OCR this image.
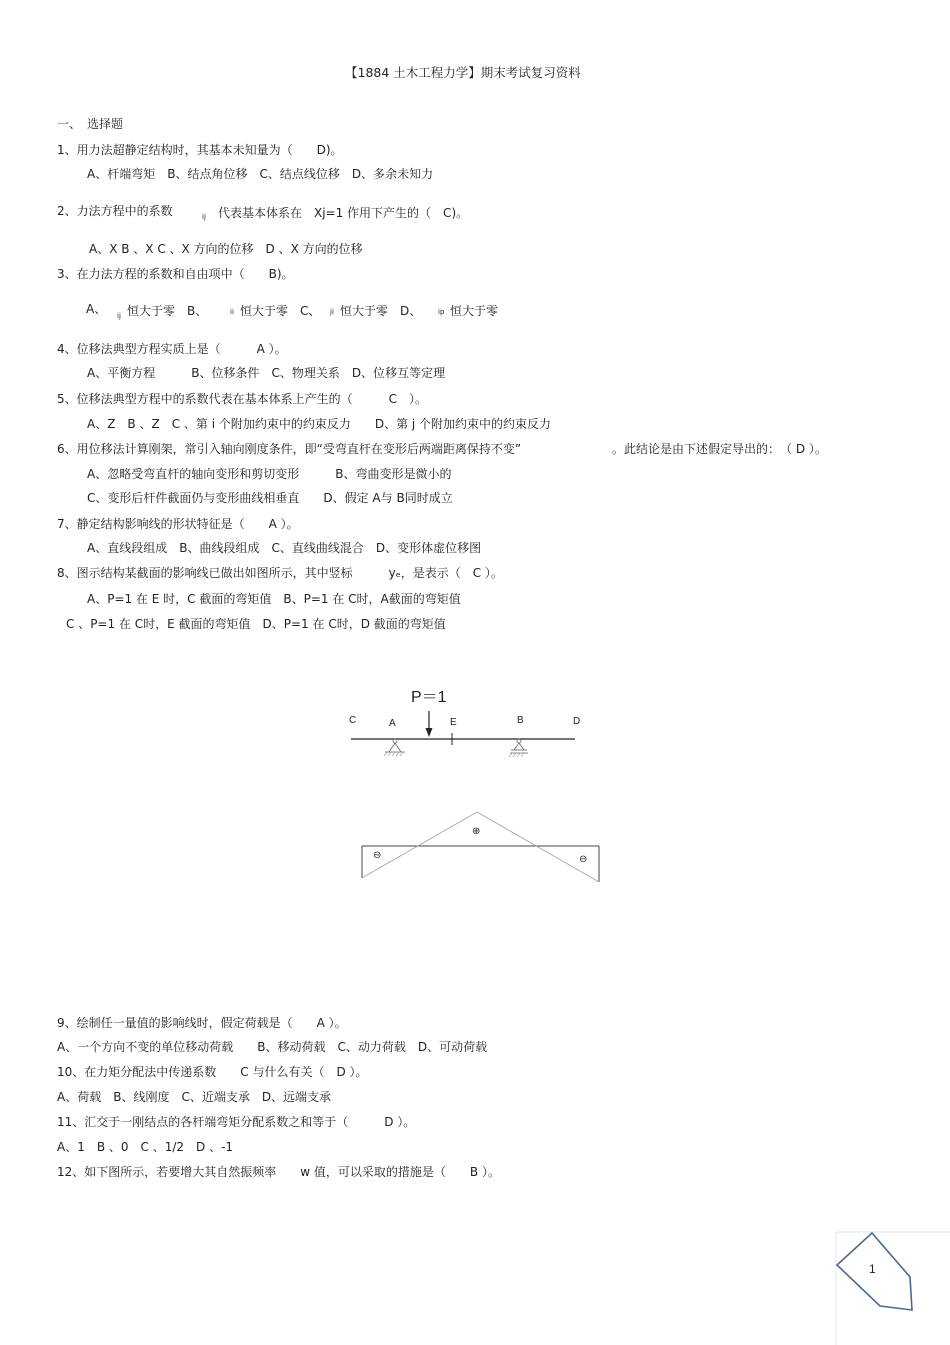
【1884 土木工程力学】期末考试复习资料
一、　选择题
1、用力法超静定结构时，其基本未知量为（　　D)。
A、杆端弯矩　B、结点角位移　C、结点线位移　D、多余未知力
2、力法方程中的系数	ij 代表基本体系在　Xj=1 作用下产生的（　C)。
A、X B 、X C 、X 方向的位移　D 、X 方向的位移
3、在力法方程的系数和自由项中（　　B)。
A、 ij 恒大于零　B、	ii 恒大于零　C、 ji 恒大于零　D、 ip 恒大于零
4、位移法典型方程实质上是（　　　A ）。
A、平衡方程　　　B、位移条件　C、物理关系　D、位移互等定理
5、位移法典型方程中的系数代表在基本体系上产生的（　　　C　）。
A、Z　B 、Z　C 、第 i 个附加约束中的约束反力　　D、第 j 个附加约束中的约束反力
6、用位移法计算刚架，常引入轴向刚度条件，即“受弯直杆在变形后两端距离保持不变”	。此结论是由下述假定导出的：　（ D ）。
A、忽略受弯直杆的轴向变形和剪切变形　　　B、弯曲变形是微小的
C、变形后杆件截面仍与变形曲线相垂直　　D、假定 A与 B同时成立
7、静定结构影响线的形状特征是（　　A ）。
A、直线段组成　B、曲线段组成　C、直线曲线混合　D、变形体虚位移图
8、图示结构某截面的影响线已做出如图所示，其中竖标　　　yₑ，是表示（　C ）。
A、P=1 在 E 时，C 截面的弯矩值　B、P=1 在 C时，A截面的弯矩值
C 、P=1 在 C时，E 截面的弯矩值　D、P=1 在 C时，D 截面的弯矩值
P＝1
C	A	E	B	D
⊕
⊖	⊖
9、绘制任一量值的影响线时，假定荷载是（　　A ）。
A、一个方向不变的单位移动荷载　　B、移动荷载　C、动力荷载　D、可动荷载
10、在力矩分配法中传递系数　　C 与什么有关（　D ）。
A、荷载　B、线刚度　C、近端支承　D、远端支承
11、汇交于一刚结点的各杆端弯矩分配系数之和等于（　　　D ）。
A、1　B 、0　C 、1/2　D 、-1
12、如下图所示，若要增大其自然振频率　　w 值，可以采取的措施是（　　B ）。
1
